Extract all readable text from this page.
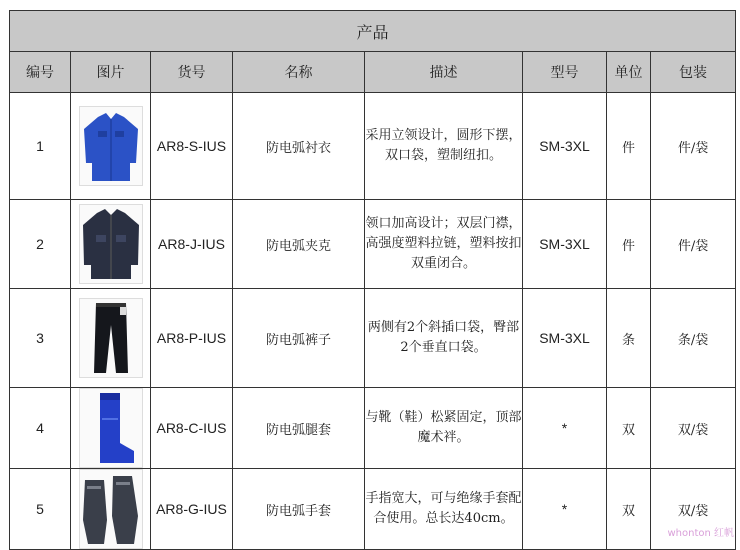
产品							
编号	图片	货号	名称	描述	型号	单位	包装
1		AR8-S-IUS	防电弧衬衣	采用立领设计，圆形下摆，双口袋，塑制纽扣。	SM-3XL	件	件/袋
2		AR8-J-IUS	防电弧夹克	领口加高设计；双层门襟，高强度塑料拉链，塑料按扣双重闭合。	SM-3XL	件	件/袋
3		AR8-P-IUS	防电弧裤子	两侧有2个斜插口袋，臀部2个垂直口袋。	SM-3XL	条	条/袋
4		AR8-C-IUS	防电弧腿套	与靴（鞋）松紧固定，顶部魔术袢。	*	双	双/袋
5		AR8-G-IUS	防电弧手套	手指宽大，可与绝缘手套配合使用。总长达40cm。	*	双	双/袋
whonton 红帆
